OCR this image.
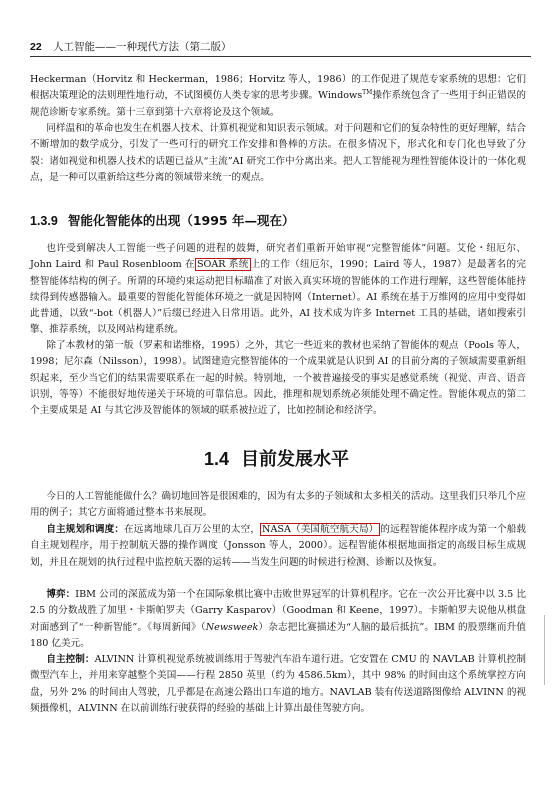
22 人工智能——一种现代方法（第二版）

Heckerman（Horvitz 和 Heckerman，1986；Horvitz 等人，1986）的工作促进了规范专家系统的思想：它们根据决策理论的法则理性地行动，不试图模仿人类专家的思考步骤。Windows™操作系统包含了一些用于纠正错误的规范诊断专家系统。第十三章到第十六章将论及这个领域。

同样温和的革命也发生在机器人技术、计算机视觉和知识表示领域。对于问题和它们的复杂特性的更好理解，结合不断增加的数学成分，引发了一些可行的研究工作安排和鲁棒的方法。在很多情况下，形式化和专门化也导致了分裂：诸如视觉和机器人技术的话题已益从“主流”AI 研究工作中分离出来。把人工智能视为理性智能体设计的一体化观点，是一种可以重新给这些分离的领域带来统一的观点。

1.3.9 智能化智能体的出现（1995 年—现在）

也许受到解决人工智能一些子问题的进程的鼓舞，研究者们重新开始审视“完整智能体”问题。艾伦・纽厄尔、John Laird 和 Paul Rosenbloom 在 SOAR 系统 上的工作（纽厄尔，1990；Laird 等人，1987）是最著名的完整智能体结构的例子。所谓的环境约束运动把目标瞄准了对嵌入真实环境的智能体的工作进行理解，这些智能体能持续得到传感器输入。最重要的智能化智能体环境之一就是因特网（Internet）。AI 系统在基于万维网的应用中变得如此普通，以致“-bot（机器人）”后缀已经进入日常用语。此外，AI 技术成为许多 Internet 工具的基础，诸如搜索引擎、推荐系统，以及网站构建系统。

除了本教材的第一版（罗素和诺维格，1995）之外，其它一些近来的教材也采纳了智能体的观点（Pools 等人，1998；尼尔森（Nilsson），1998）。试图建造完整智能体的一个成果就是认识到 AI 的目前分离的子领域需要重新组织起来，至少当它们的结果需要联系在一起的时候。特别地，一个被普遍接受的事实是感觉系统（视觉、声音、语音识别，等等）不能很好地传递关于环境的可靠信息。因此，推理和规划系统必须能处理不确定性。智能体观点的第二个主要成果是 AI 与其它涉及智能体的领域的联系被拉近了，比如控制论和经济学。

1.4 目前发展水平

今日的人工智能能做什么？确切地回答是很困难的，因为有太多的子领域和太多相关的活动。这里我们只举几个应用的例子；其它方面将通过整本书来展现。

自主规划和调度：在远离地球几百万公里的太空， NASA（美国航空航天局） 的远程智能体程序成为第一个船载自主规划程序，用于控制航天器的操作调度（Jonsson 等人，2000）。远程智能体根据地面指定的高级目标生成规划，并且在规划的执行过程中监控航天器的运转——当发生问题的时候进行检测、诊断以及恢复。

博弈：IBM 公司的深蓝成为第一个在国际象棋比赛中击败世界冠军的计算机程序。它在一次公开比赛中以 3.5 比 2.5 的分数战胜了加里・卡斯帕罗夫（Garry Kasparov）（Goodman 和 Keene，1997）。卡斯帕罗夫说他从棋盘对面感到了“一种新智能”。《每周新闻》（Newsweek）杂志把比赛描述为“人脑的最后抵抗”。IBM 的股票继而升值 180 亿美元。

自主控制：ALVINN 计算机视觉系统被训练用于驾驶汽车沿车道行进。它安置在 CMU 的 NAVLAB 计算机控制微型汽车上，并用来穿越整个美国——行程 2850 英里（约为 4586.5km），其中 98% 的时间由这个系统掌控方向盘，另外 2% 的时间由人驾驶，几乎都是在高速公路出口车道的地方。NAVLAB 装有传送道路图像给 ALVINN 的视频摄像机，ALVINN 在以前训练行驶获得的经验的基础上计算出最佳驾驶方向。
